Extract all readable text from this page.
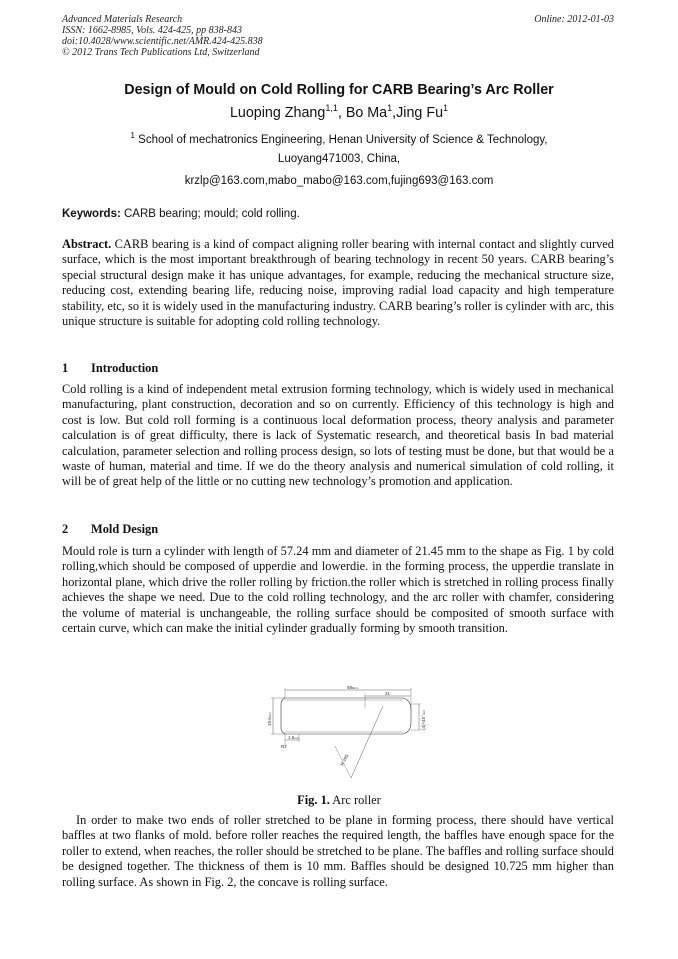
Advanced Materials Research
ISSN: 1662-8985, Vols. 424-425, pp 838-843
doi:10.4028/www.scientific.net/AMR.424-425.838
© 2012 Trans Tech Publications Ltd, Switzerland
Online: 2012-01-03
Design of Mould on Cold Rolling for CARB Bearing’s Arc Roller
Luoping Zhang$^{1,1}$, Bo Ma$^1$,Jing Fu$^1$
$^1$ School of mechatronics Engineering, Henan University of Science & Technology,
Luoyang471003, China,
krzlp@163.com,mabo_mabo@163.com,fujing693@163.com
Keywords: CARB bearing; mould; cold rolling.
Abstract. CARB bearing is a kind of compact aligning roller bearing with internal contact and slightly curved surface, which is the most important breakthrough of bearing technology in recent 50 years. CARB bearing’s special structural design make it has unique advantages, for example, reducing the mechanical structure size, reducing cost, extending bearing life, reducing noise, improving radial load capacity and high temperature stability, etc, so it is widely used in the manufacturing industry. CARB bearing’s roller is cylinder with arc, this unique structure is suitable for adopting cold rolling technology.
1 Introduction
Cold rolling is a kind of independent metal extrusion forming technology, which is widely used in mechanical manufacturing, plant construction, decoration and so on currently. Efficiency of this technology is high and cost is low. But cold roll forming is a continuous local deformation process, theory analysis and parameter calculation is of great difficulty, there is lack of Systematic research, and theoretical basis In bad material calculation, parameter selection and rolling process design, so lots of testing must be done, but that would be a waste of human, material and time. If we do the theory analysis and numerical simulation of cold rolling, it will be of great help of the little or no cutting new technology’s promotion and application.
2 Mold Design
Mould role is turn a cylinder with length of 57.24 mm and diameter of 21.45 mm to the shape as Fig. 1 by cold rolling,which should be composed of upperdie and lowerdie. in the forming process, the upperdie translate in horizontal plane, which drive the roller rolling by friction.the roller which is stretched in rolling process finally achieves the shape we need. Due to the cold rolling technology, and the arc roller with chamfer, considering the volume of material is unchangeable, the rolling surface should be composited of smooth surface with certain curve, which can make the initial cylinder gradually forming by smooth transition.
688mm
31
19.6mm
(4)×45°mm
1.5mm
R2
R 295
Fig. 1. Arc roller
In order to make two ends of roller stretched to be plane in forming process, there should have vertical baffles at two flanks of mold. before roller reaches the required length, the baffles have enough space for the roller to extend, when reaches, the roller should be stretched to be plane. The baffles and rolling surface should be designed together. The thickness of them is 10 mm. Baffles should be designed 10.725 mm higher than rolling surface. As shown in Fig. 2, the concave is rolling surface.
